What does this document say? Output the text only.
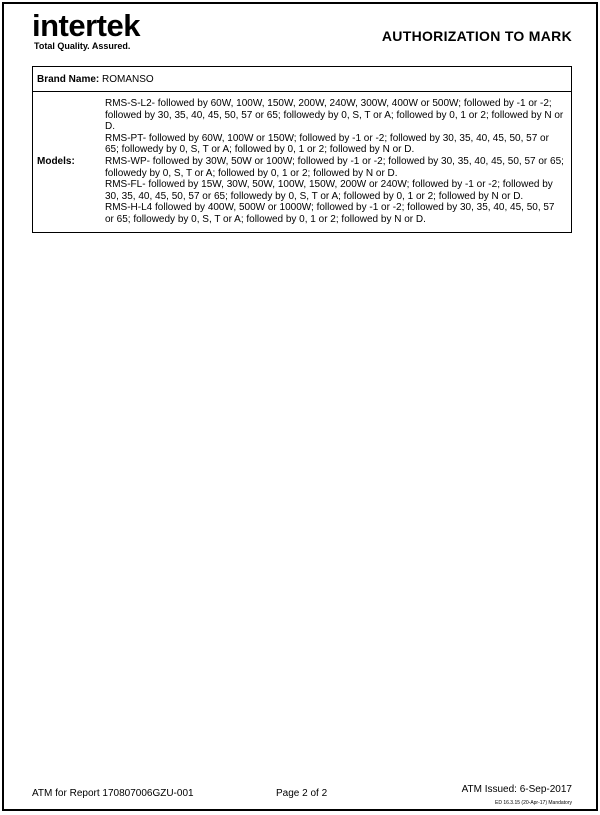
intertek
Total Quality. Assured.
AUTHORIZATION TO MARK
Brand Name: ROMANSO
Models:	
RMS-S-L2- followed by 60W, 100W, 150W, 200W, 240W, 300W, 400W or 500W; followed by -1 or -2; followed by 30, 35, 40, 45, 50, 57 or 65; followedy by 0, S, T or A; followed by 0, 1 or 2; followed by N or D.
RMS-PT- followed by 60W, 100W or 150W; followed by -1 or -2; followed by 30, 35, 40, 45, 50, 57 or 65; followedy by 0, S, T or A; followed by 0, 1 or 2; followed by N or D.
RMS-WP- followed by 30W, 50W or 100W; followed by -1 or -2; followed by 30, 35, 40, 45, 50, 57 or 65; followedy by 0, S, T or A; followed by 0, 1 or 2; followed by N or D.
RMS-FL- followed by 15W, 30W, 50W, 100W, 150W, 200W or 240W; followed by -1 or -2; followed by 30, 35, 40, 45, 50, 57 or 65; followedy by 0, S, T or A; followed by 0, 1 or 2; followed by N or D.
RMS-H-L4 followed by 400W, 500W or 1000W; followed by -1 or -2; followed by 30, 35, 40, 45, 50, 57 or 65; followedy by 0, S, T or A; followed by 0, 1 or 2; followed by N or D.
ATM for Report 170807006GZU-001	Page 2 of 2	ATM Issued: 6-Sep-2017
ED 16.3.15 (20-Apr-17) Mandatory
